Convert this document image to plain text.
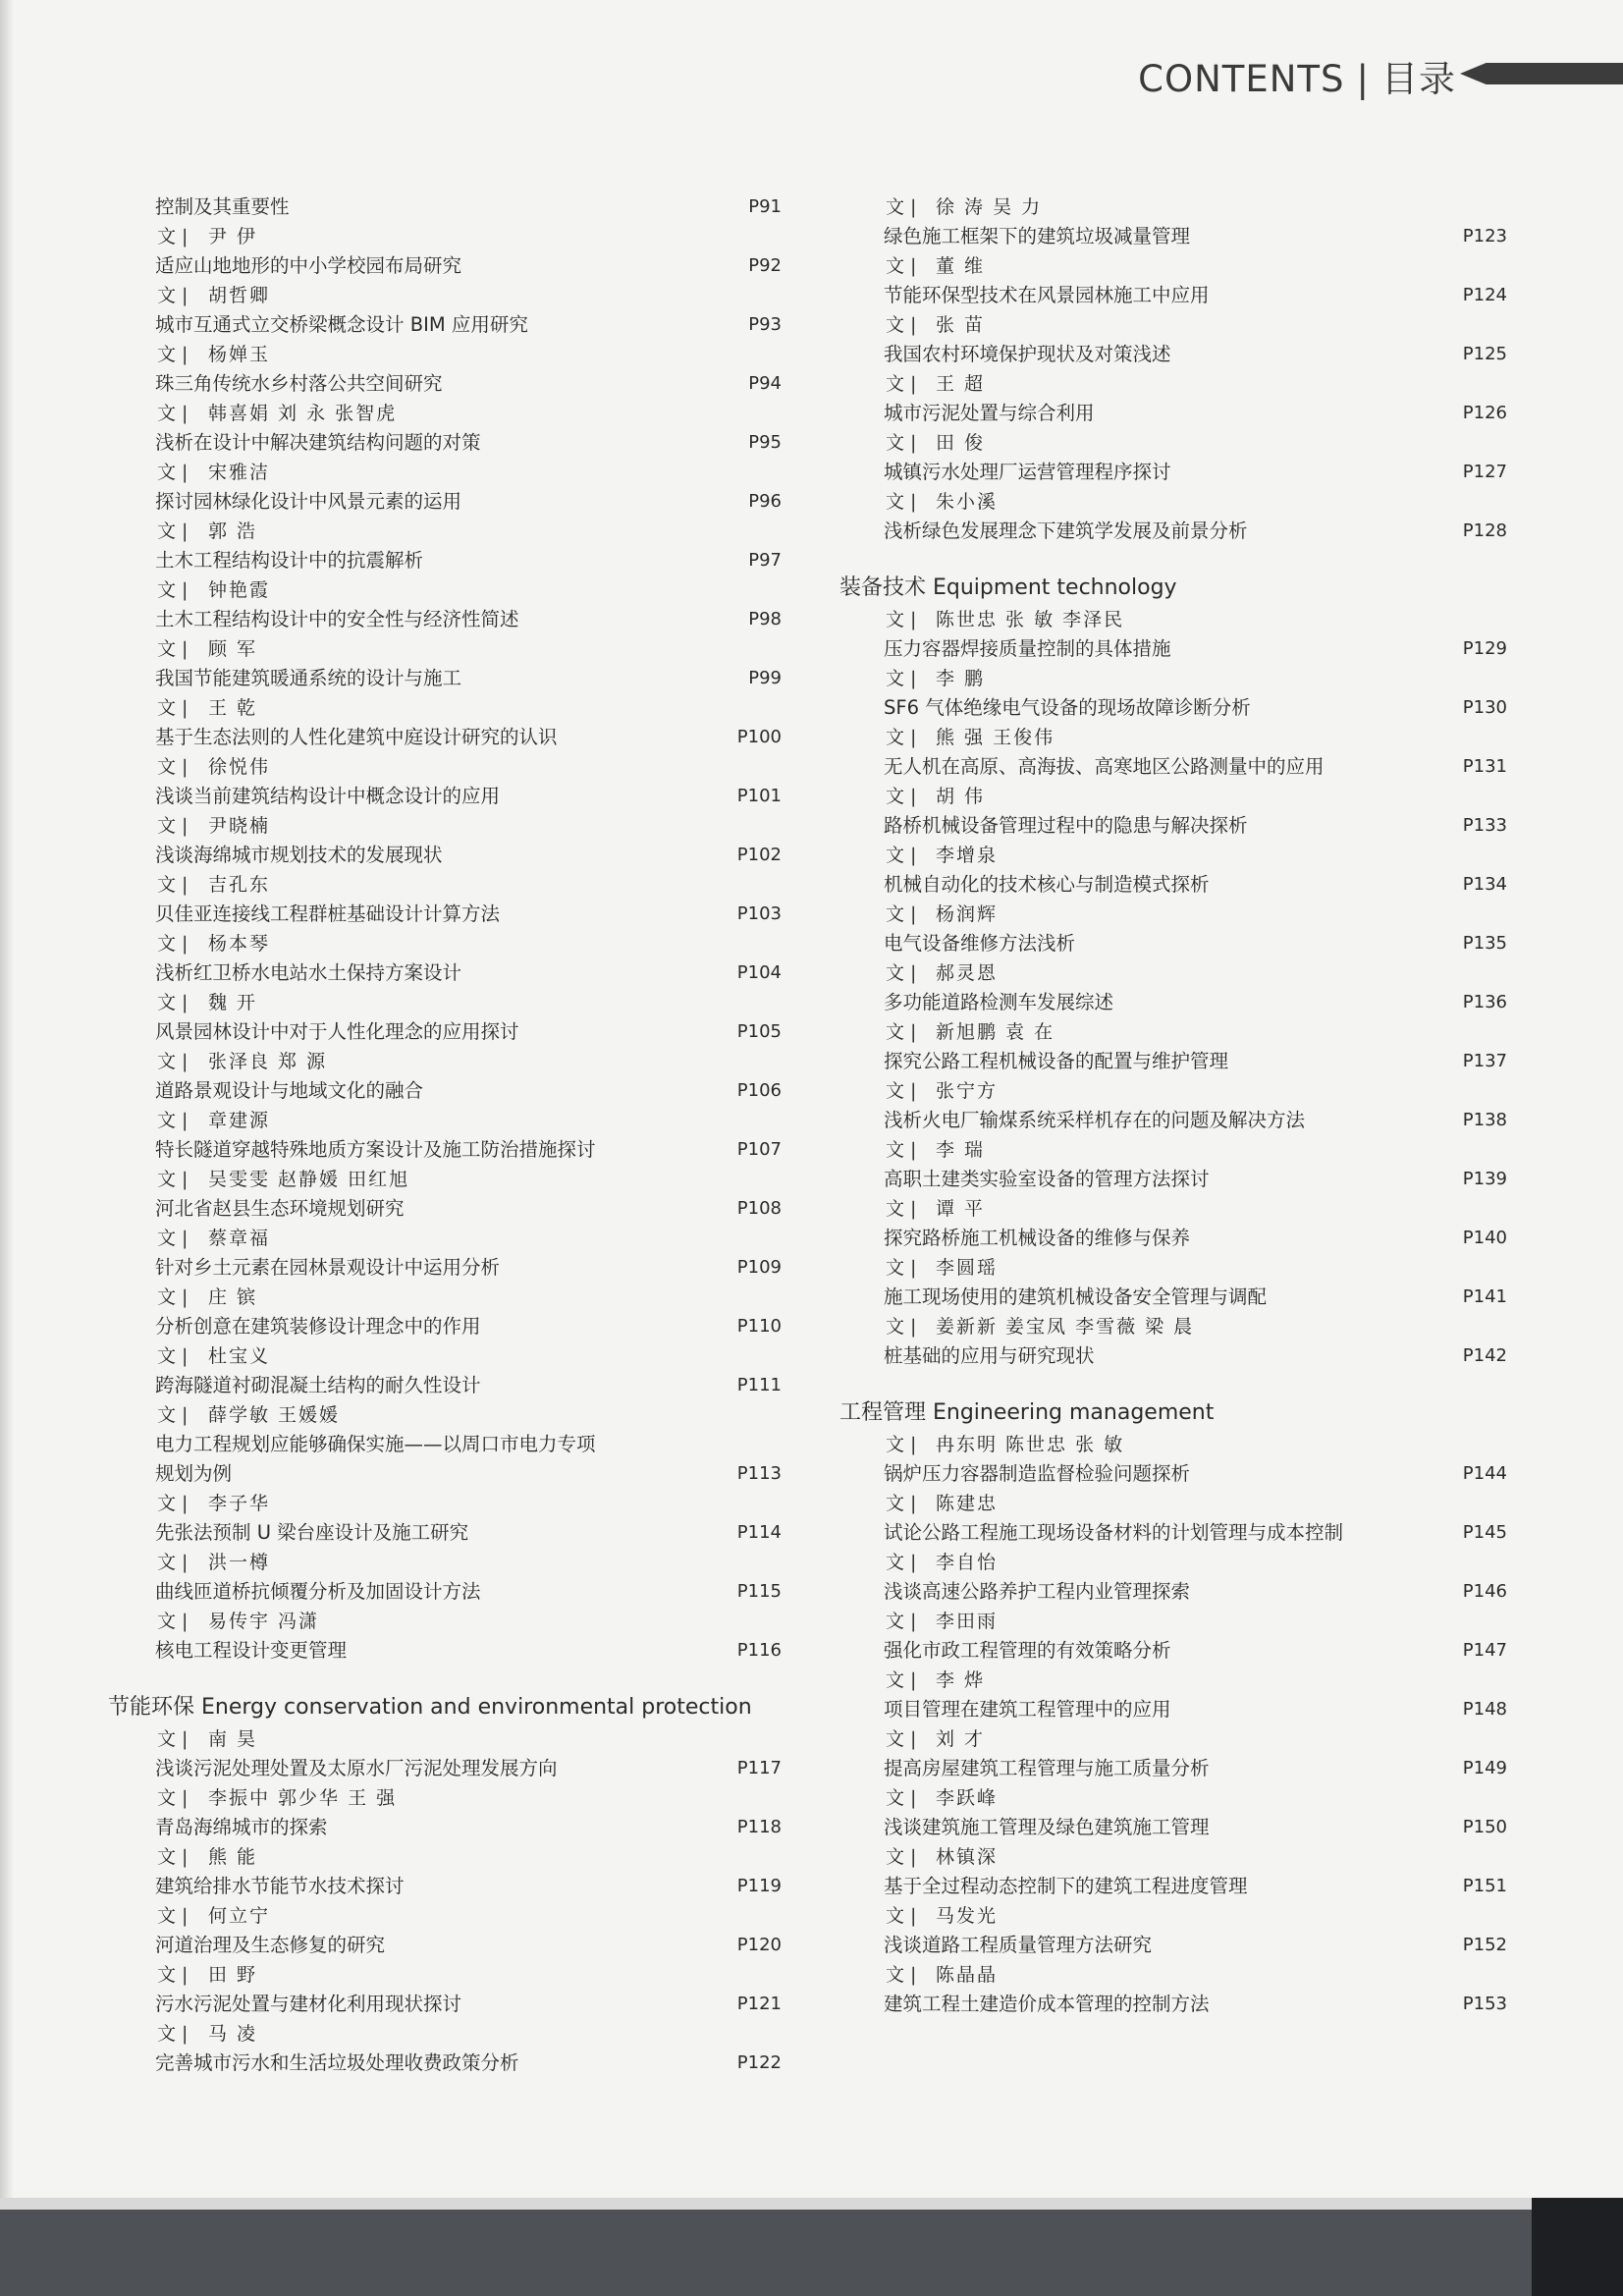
CONTENTS | 目录
控制及其重要性	P91
文 | 尹 伊
适应山地地形的中小学校园布局研究	P92
文 | 胡哲卿
城市互通式立交桥梁概念设计 BIM 应用研究	P93
文 | 杨婵玉
珠三角传统水乡村落公共空间研究	P94
文 | 韩喜娟 刘 永 张智虎
浅析在设计中解决建筑结构问题的对策	P95
文 | 宋雅洁
探讨园林绿化设计中风景元素的运用	P96
文 | 郭 浩
土木工程结构设计中的抗震解析	P97
文 | 钟艳霞
土木工程结构设计中的安全性与经济性简述	P98
文 | 顾 军
我国节能建筑暖通系统的设计与施工	P99
文 | 王 乾
基于生态法则的人性化建筑中庭设计研究的认识	P100
文 | 徐悦伟
浅谈当前建筑结构设计中概念设计的应用	P101
文 | 尹晓楠
浅谈海绵城市规划技术的发展现状	P102
文 | 吉孔东
贝佳亚连接线工程群桩基础设计计算方法	P103
文 | 杨本琴
浅析红卫桥水电站水土保持方案设计	P104
文 | 魏 开
风景园林设计中对于人性化理念的应用探讨	P105
文 | 张泽良 郑 源
道路景观设计与地域文化的融合	P106
文 | 章建源
特长隧道穿越特殊地质方案设计及施工防治措施探讨	P107
文 | 吴雯雯 赵静媛 田红旭
河北省赵县生态环境规划研究	P108
文 | 蔡章福
针对乡土元素在园林景观设计中运用分析	P109
文 | 庄 镔
分析创意在建筑装修设计理念中的作用	P110
文 | 杜宝义
跨海隧道衬砌混凝土结构的耐久性设计	P111
文 | 薛学敏 王媛媛
电力工程规划应能够确保实施——以周口市电力专项
规划为例	P113
文 | 李子华
先张法预制 U 梁台座设计及施工研究	P114
文 | 洪一樽
曲线匝道桥抗倾覆分析及加固设计方法	P115
文 | 易传宇 冯潇
核电工程设计变更管理	P116
节能环保 Energy conservation and environmental protection
文 | 南 昊
浅谈污泥处理处置及太原水厂污泥处理发展方向	P117
文 | 李振中 郭少华 王 强
青岛海绵城市的探索	P118
文 | 熊 能
建筑给排水节能节水技术探讨	P119
文 | 何立宁
河道治理及生态修复的研究	P120
文 | 田 野
污水污泥处置与建材化利用现状探讨	P121
文 | 马 凌
完善城市污水和生活垃圾处理收费政策分析	P122
文 | 徐 涛 吴 力
绿色施工框架下的建筑垃圾减量管理	P123
文 | 董 维
节能环保型技术在风景园林施工中应用	P124
文 | 张 苗
我国农村环境保护现状及对策浅述	P125
文 | 王 超
城市污泥处置与综合利用	P126
文 | 田 俊
城镇污水处理厂运营管理程序探讨	P127
文 | 朱小溪
浅析绿色发展理念下建筑学发展及前景分析	P128
装备技术 Equipment technology
文 | 陈世忠 张 敏 李泽民
压力容器焊接质量控制的具体措施	P129
文 | 李 鹏
SF6 气体绝缘电气设备的现场故障诊断分析	P130
文 | 熊 强 王俊伟
无人机在高原、高海拔、高寒地区公路测量中的应用	P131
文 | 胡 伟
路桥机械设备管理过程中的隐患与解决探析	P133
文 | 李增泉
机械自动化的技术核心与制造模式探析	P134
文 | 杨润辉
电气设备维修方法浅析	P135
文 | 郝灵恩
多功能道路检测车发展综述	P136
文 | 新旭鹏 袁 在
探究公路工程机械设备的配置与维护管理	P137
文 | 张宁方
浅析火电厂输煤系统采样机存在的问题及解决方法	P138
文 | 李 瑞
高职土建类实验室设备的管理方法探讨	P139
文 | 谭 平
探究路桥施工机械设备的维修与保养	P140
文 | 李圆瑶
施工现场使用的建筑机械设备安全管理与调配	P141
文 | 姜新新 姜宝凤 李雪薇 梁 晨
桩基础的应用与研究现状	P142
工程管理 Engineering management
文 | 冉东明 陈世忠 张 敏
锅炉压力容器制造监督检验问题探析	P144
文 | 陈建忠
试论公路工程施工现场设备材料的计划管理与成本控制	P145
文 | 李自怡
浅谈高速公路养护工程内业管理探索	P146
文 | 李田雨
强化市政工程管理的有效策略分析	P147
文 | 李 烨
项目管理在建筑工程管理中的应用	P148
文 | 刘 才
提高房屋建筑工程管理与施工质量分析	P149
文 | 李跃峰
浅谈建筑施工管理及绿色建筑施工管理	P150
文 | 林镇深
基于全过程动态控制下的建筑工程进度管理	P151
文 | 马发光
浅谈道路工程质量管理方法研究	P152
文 | 陈晶晶
建筑工程土建造价成本管理的控制方法	P153
